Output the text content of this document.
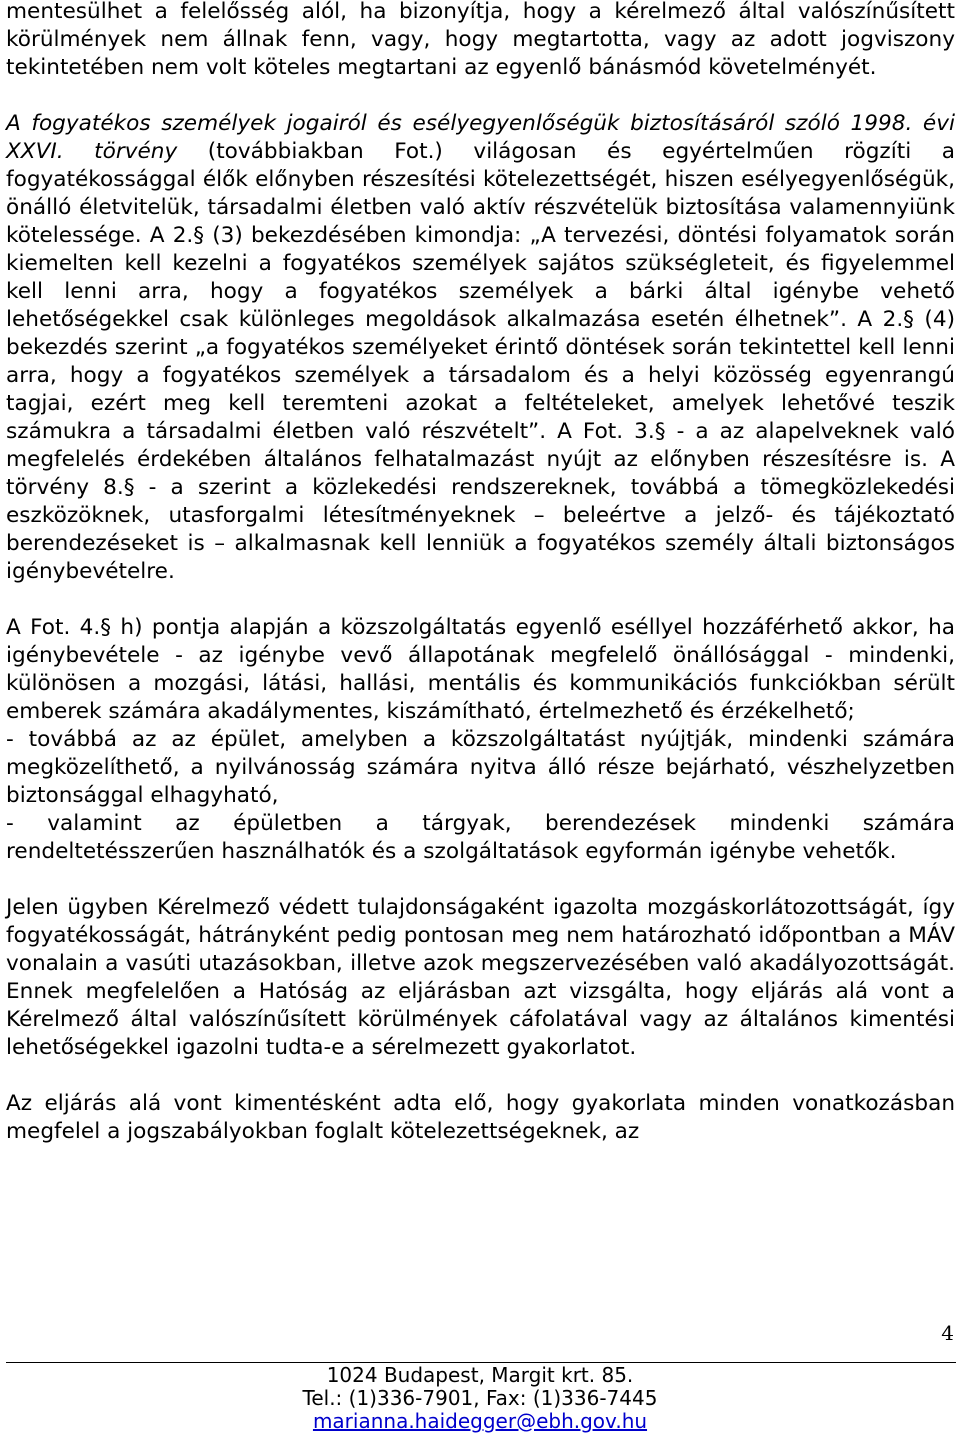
mentesülhet a felelősség alól, ha bizonyítja, hogy a kérelmező által valószínűsített körülmények nem állnak fenn, vagy, hogy megtartotta, vagy az adott jogviszony tekintetében nem volt köteles megtartani az egyenlő bánásmód követelményét.

A fogyatékos személyek jogairól és esélyegyenlőségük biztosításáról szóló 1998. évi XXVI. törvény (továbbiakban Fot.) világosan és egyértelműen rögzíti a fogyatékossággal élők előnyben részesítési kötelezettségét, hiszen esélyegyenlőségük, önálló életvitelük, társadalmi életben való aktív részvételük biztosítása valamennyiünk kötelessége. A 2.§ (3) bekezdésében kimondja: „A tervezési, döntési folyamatok során kiemelten kell kezelni a fogyatékos személyek sajátos szükségleteit, és figyelemmel kell lenni arra, hogy a fogyatékos személyek a bárki által igénybe vehető lehetőségekkel csak különleges megoldások alkalmazása esetén élhetnek”. A 2.§ (4) bekezdés szerint „a fogyatékos személyeket érintő döntések során tekintettel kell lenni arra, hogy a fogyatékos személyek a társadalom és a helyi közösség egyenrangú tagjai, ezért meg kell teremteni azokat a feltételeket, amelyek lehetővé teszik számukra a társadalmi életben való részvételt”. A Fot. 3.§ - a az alapelveknek való megfelelés érdekében általános felhatalmazást nyújt az előnyben részesítésre is. A törvény 8.§ - a szerint a közlekedési rendszereknek, továbbá a tömegközlekedési eszközöknek, utasforgalmi létesítményeknek – beleértve a jelző- és tájékoztató berendezéseket is – alkalmasnak kell lenniük a fogyatékos személy általi biztonságos igénybevételre.

A Fot. 4.§ h) pontja alapján a közszolgáltatás egyenlő eséllyel hozzáférhető akkor, ha igénybevétele - az igénybe vevő állapotának megfelelő önállósággal - mindenki, különösen a mozgási, látási, hallási, mentális és kommunikációs funkciókban sérült emberek számára akadálymentes, kiszámítható, értelmezhető és érzékelhető;

- továbbá az az épület, amelyben a közszolgáltatást nyújtják, mindenki számára megközelíthető, a nyilvánosság számára nyitva álló része bejárható, vészhelyzetben biztonsággal elhagyható,

- valamint az épületben a tárgyak, berendezések mindenki számára rendeltetésszerűen használhatók és a szolgáltatások egyformán igénybe vehetők.

Jelen ügyben Kérelmező védett tulajdonságaként igazolta mozgáskorlátozottságát, így fogyatékosságát, hátrányként pedig pontosan meg nem határozható időpontban a MÁV vonalain a vasúti utazásokban, illetve azok megszervezésében való akadályozottságát. Ennek megfelelően a Hatóság az eljárásban azt vizsgálta, hogy eljárás alá vont a Kérelmező által valószínűsített körülmények cáfolatával vagy az általános kimentési lehetőségekkel igazolni tudta-e a sérelmezett gyakorlatot.

Az eljárás alá vont kimentésként adta elő, hogy gyakorlata minden vonatkozásban megfelel a jogszabályokban foglalt kötelezettségeknek, az

4
1024 Budapest, Margit krt. 85.
Tel.: (1)336-7901, Fax: (1)336-7445
marianna.haidegger@ebh.gov.hu
